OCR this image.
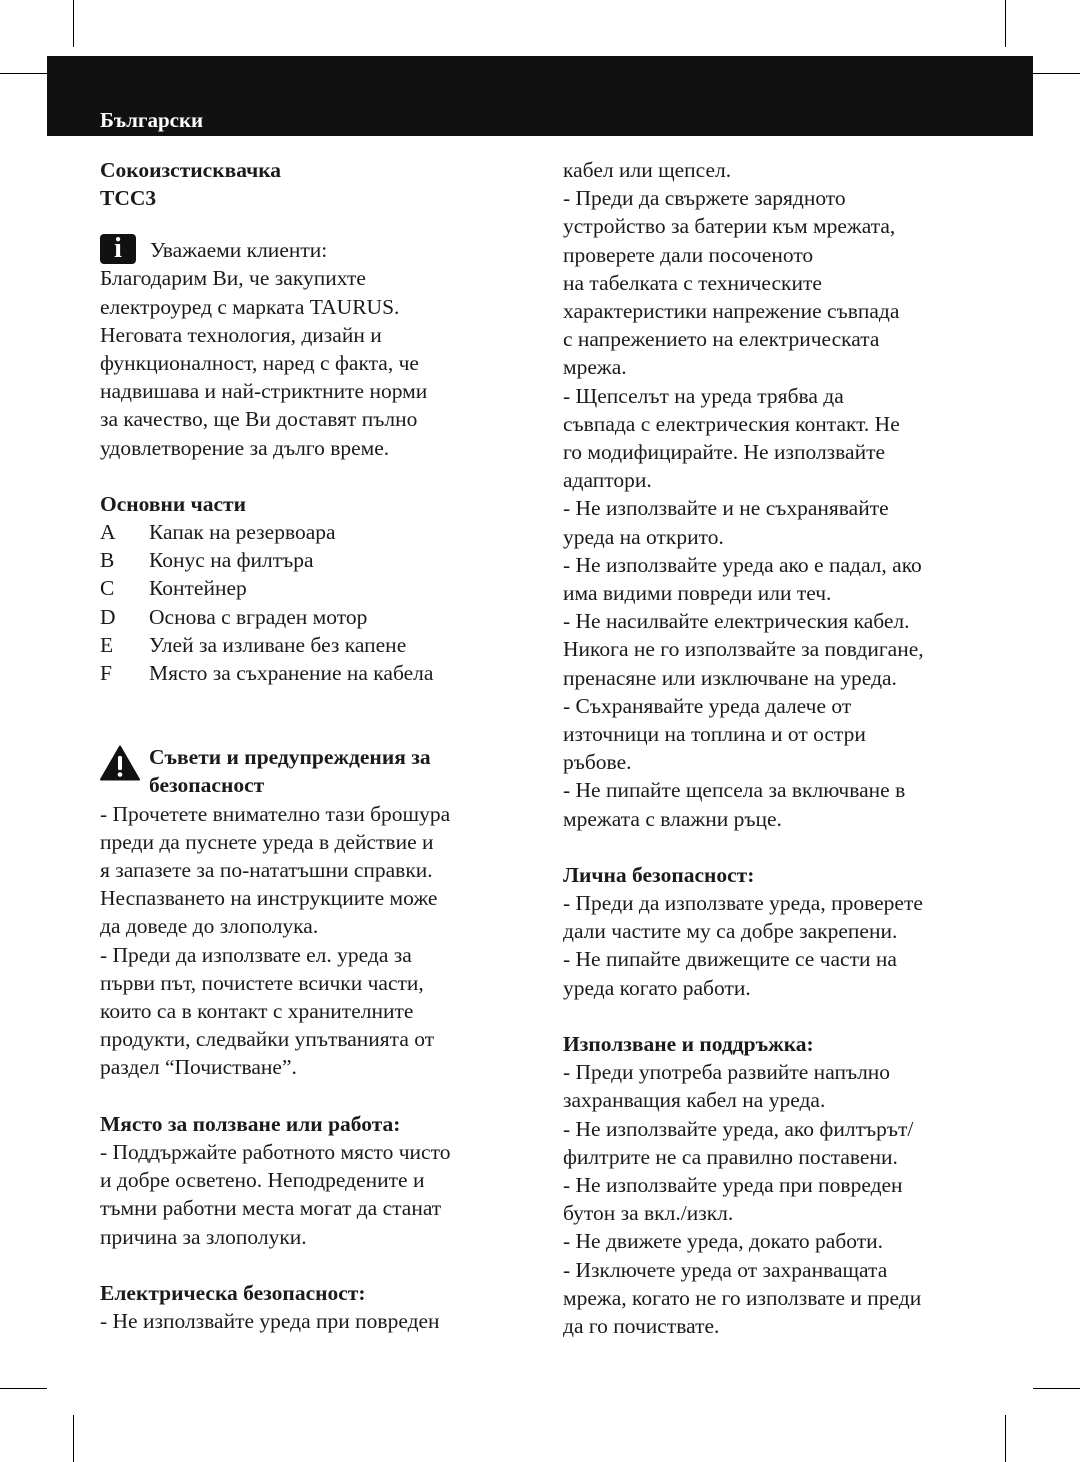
Български
Сокоизстисквачка
TCC3
i	Уважаеми клиенти:
Благодарим Ви, че закупихте
електроуред с марката TAURUS.
Неговата технология, дизайн и
функционалност, наред с факта, че
надвишава и най-стриктните норми
за качество, ще Ви доставят пълно
удовлетворение за дълго време.
Основни части
A	Капак на резервоара
B	Конус на филтъра
C	Контейнер
D	Основа с вграден мотор
E	Улей за изливане без капене
F	Място за съхранение на кабела
Съвети и предупреждения за
безопасност
- Прочетете внимателно тази брошура
преди да пуснете уреда в действие и
я запазете за по-нататъшни справки.
Неспазването на инструкциите може
да доведе до злополука.
- Преди да използвате ел. уреда за
първи път, почистете всички части,
които са в контакт с хранителните
продукти, следвайки упътванията от
раздел “Почистване”.
Място за ползване или работа:
- Поддържайте работното място чисто
и добре осветено. Неподредените и
тъмни работни места могат да станат
причина за злополуки.
Електрическа безопасност:
- Не използвайте уреда при повреден
кабел или щепсел.
- Преди да свържете зарядното
устройство за батерии към мрежата,
проверете дали посоченото
на табелката с техническите
характеристики напрежение съвпада
с напрежението на електрическата
мрежа.
- Щепселът на уреда трябва да
съвпада с електрическия контакт. Не
го модифицирайте. Не използвайте
адаптори.
- Не използвайте и не съхранявайте
уреда на открито.
- Не използвайте уреда ако е падал, ако
има видими повреди или теч.
- Не насилвайте електрическия кабел.
Никога не го използвайте за повдигане,
пренасяне или изключване на уреда.
- Съхранявайте уреда далече от
източници на топлина и от остри
ръбове.
- Не пипайте щепсела за включване в
мрежата с влажни ръце.
Лична безопасност:
- Преди да използвате уреда, проверете
дали частите му са добре закрепени.
- Не пипайте движещите се части на
уреда когато работи.
Използване и поддръжка:
- Преди употреба развийте напълно
захранващия кабел на уреда.
- Не използвайте уреда, ако филтърът/
филтрите не са правилно поставени.
- Не използвайте уреда при повреден
бутон за вкл./изкл.
- Не движете уреда, докато работи.
- Изключете уреда от захранващата
мрежа, когато не го използвате и преди
да го почиствате.
